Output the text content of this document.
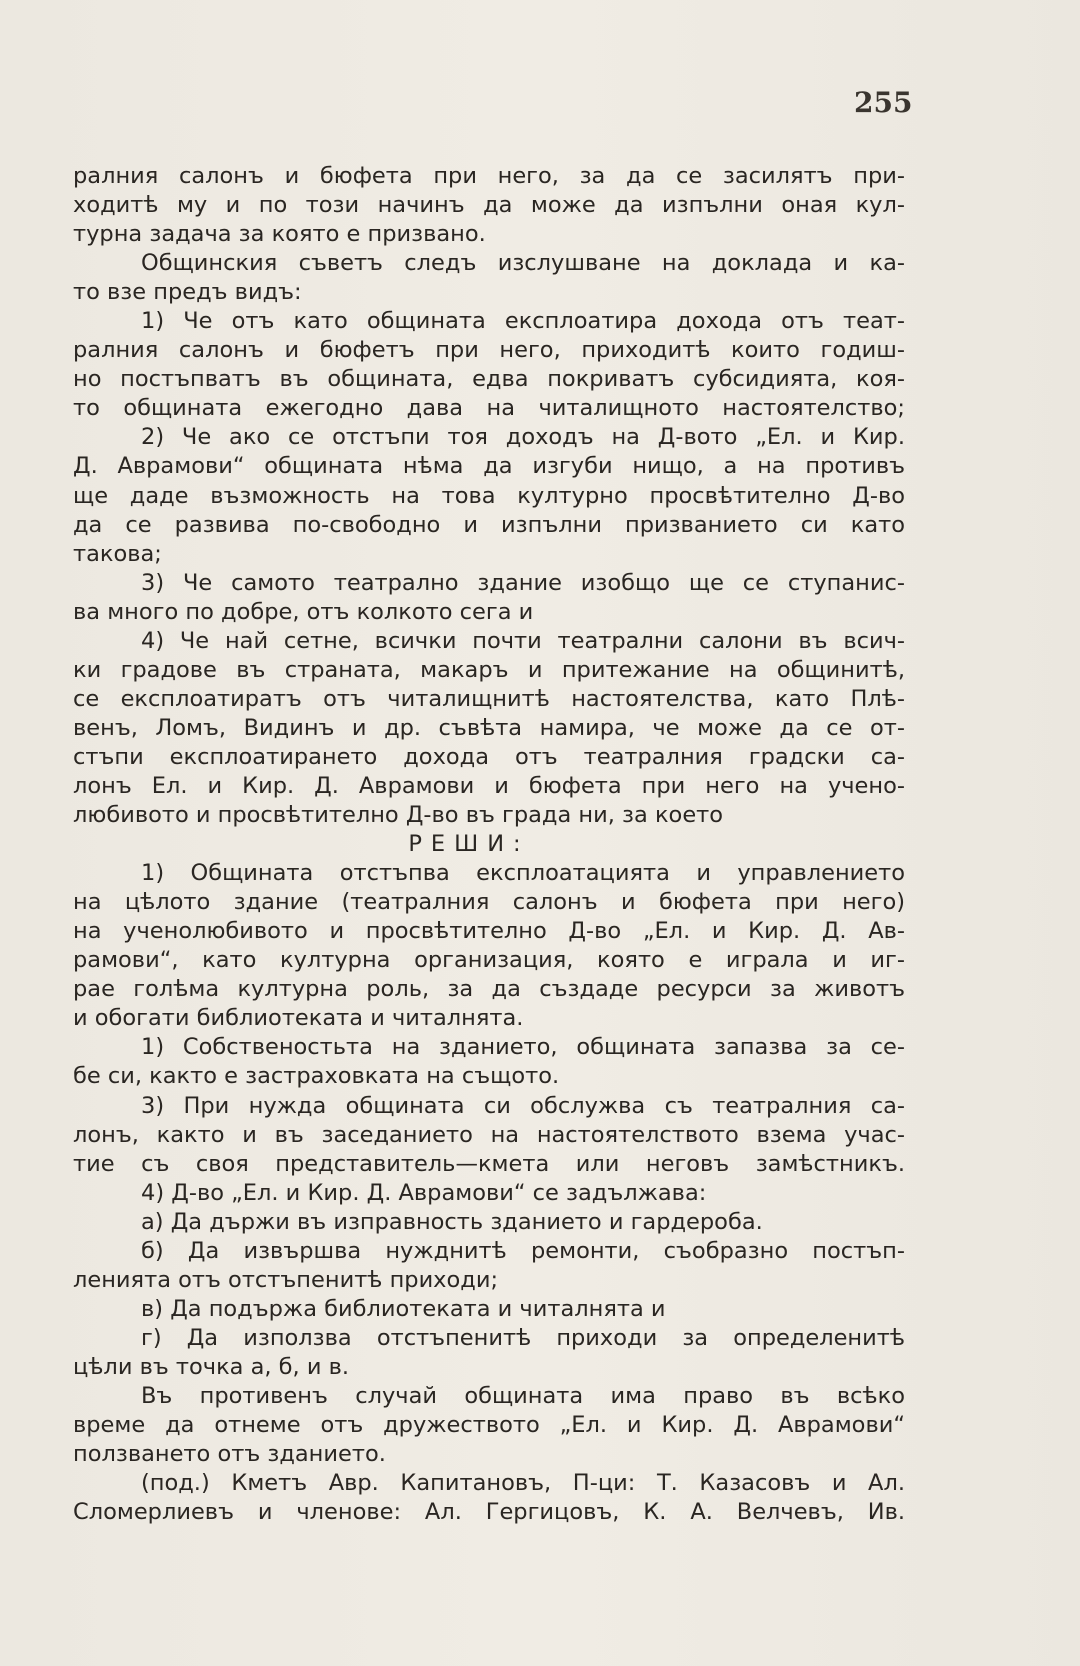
255
ралния салонъ и бюфета при него, за да се засилятъ при-
ходитѣ му и по този начинъ да може да изпълни оная кул-
турна задача за която е призвано.
Общинския съветъ следъ изслушване на доклада и ка-
то взе предъ видъ:
1) Че отъ като общината експлоатира дохода отъ теат-
ралния салонъ и бюфетъ при него, приходитѣ които годиш-
но постъпватъ въ общината, едва покриватъ субсидията, коя-
то общината ежегодно дава на читалищното настоятелство;
2) Че ако се отстъпи тоя доходъ на Д-вото „Ел. и Кир.
Д. Аврамови“ общината нѣма да изгуби нищо, а на противъ
ще даде възможность на това културно просвѣтително Д-во
да се развива по-свободно и изпълни призванието си като
такова;
3) Че самото театрално здание изобщо ще се ступанис-
ва много по добре, отъ колкото сега и
4) Че най сетне, всички почти театрални салони въ всич-
ки градове въ страната, макаръ и притежание на общинитѣ,
се експлоатиратъ отъ читалищнитѣ настоятелства, като Плѣ-
венъ, Ломъ, Видинъ и др. съвѣта намира, че може да се от-
стъпи експлоатирането дохода отъ театралния градски са-
лонъ Ел. и Кир. Д. Аврамови и бюфета при него на учено-
любивото и просвѣтително Д-во въ града ни, за което
РЕШИ:
1) Общината отстъпва експлоатацията и управлението
на цѣлото здание (театралния салонъ и бюфета при него)
на ученолюбивото и просвѣтително Д-во „Ел. и Кир. Д. Ав-
рамови“, като културна организация, която е играла и иг-
рае голѣма културна роль, за да създаде ресурси за животъ
и обогати библиотеката и читалнята.
1) Собственостьта на зданието, общината запазва за се-
бе си, както е застраховката на същото.
3) При нужда общината си обслужва съ театралния са-
лонъ, както и въ заседанието на настоятелството взема учас-
тие съ своя представитель—кмета или неговъ замѣстникъ.
4) Д-во „Ел. и Кир. Д. Аврамови“ се задължава:
а) Да държи въ изправность зданието и гардероба.
б) Да извършва нужднитѣ ремонти, съобразно постъп-
ленията отъ отстъпенитѣ приходи;
в) Да подържа библиотеката и читалнята и
г) Да използва отстъпенитѣ приходи за определенитѣ
цѣли въ точка а, б, и в.
Въ противенъ случай общината има право въ всѣко
време да отнеме отъ дружеството „Ел. и Кир. Д. Аврамови“
ползването отъ зданието.
(под.) Кметъ Авр. Капитановъ, П-ци: Т. Казасовъ и Ал.
Сломерлиевъ и членове: Ал. Гергицовъ, К. А. Велчевъ, Ив.
